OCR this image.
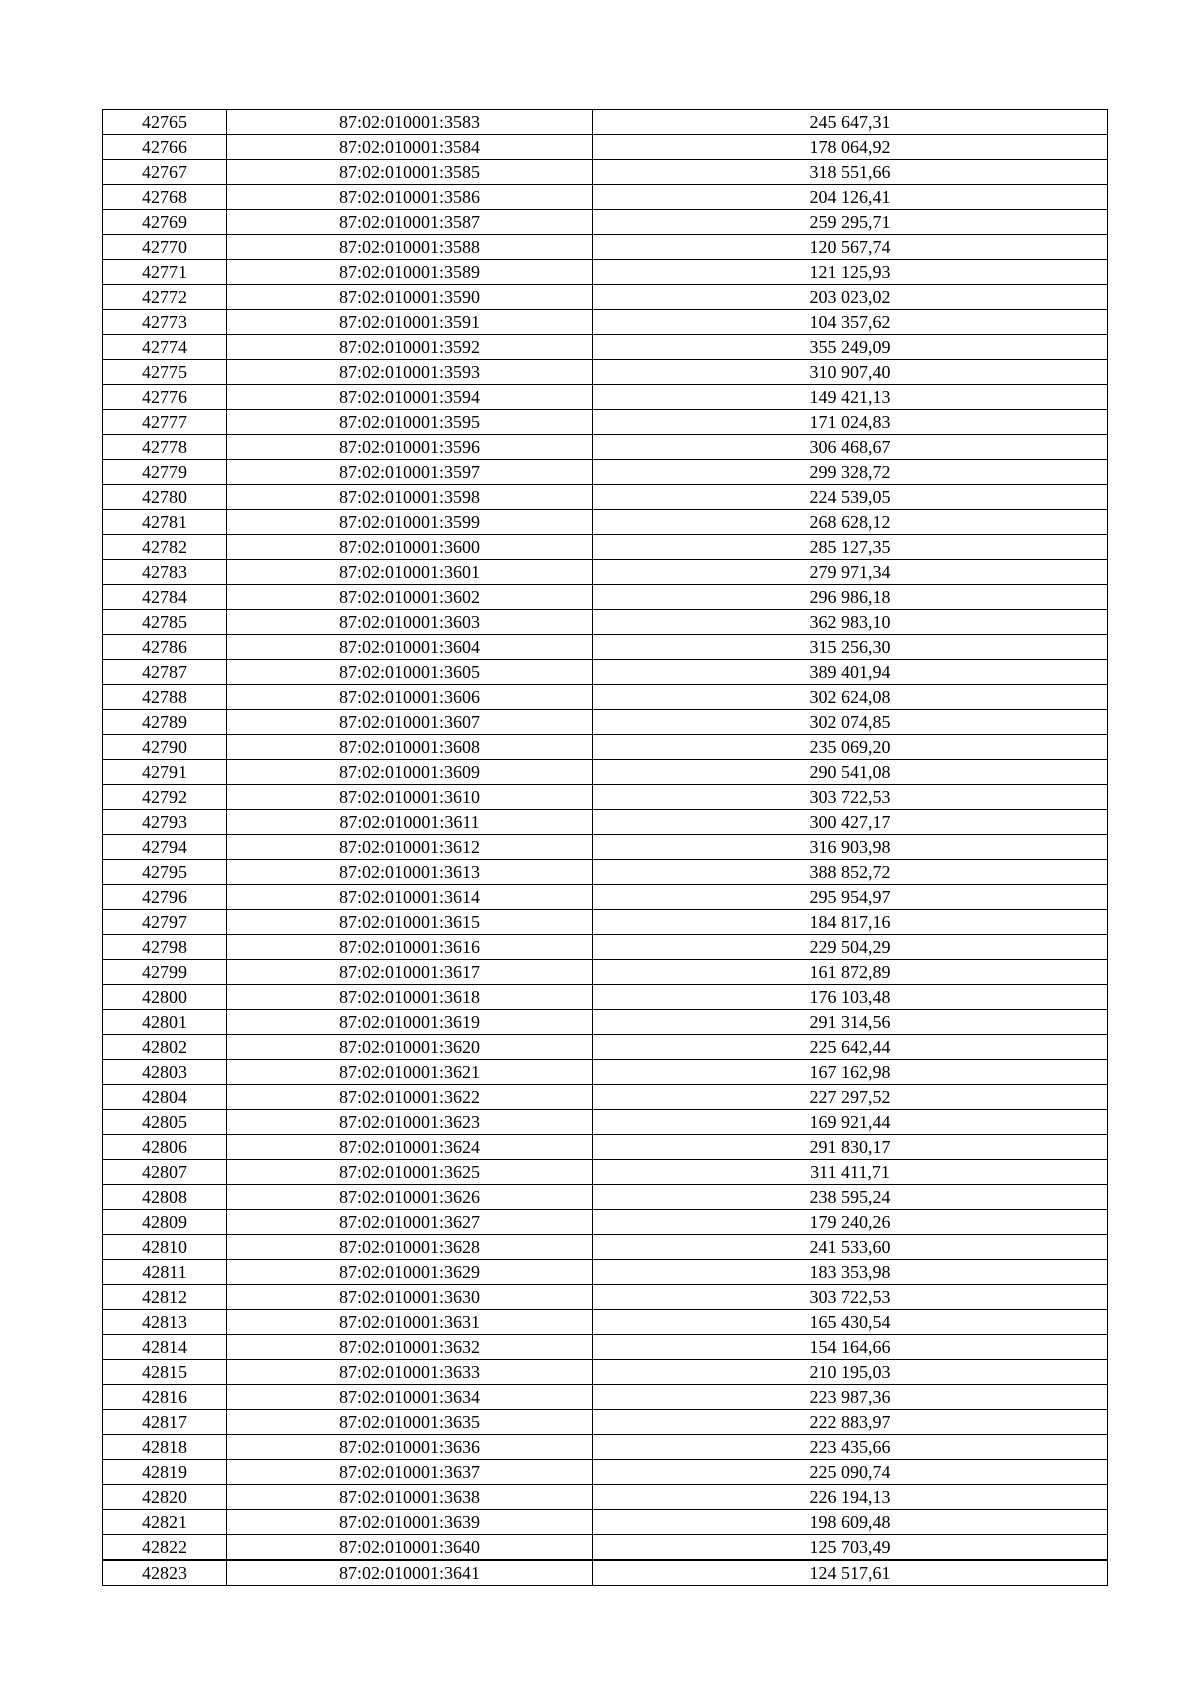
42765	87:02:010001:3583	245 647,31
42766	87:02:010001:3584	178 064,92
42767	87:02:010001:3585	318 551,66
42768	87:02:010001:3586	204 126,41
42769	87:02:010001:3587	259 295,71
42770	87:02:010001:3588	120 567,74
42771	87:02:010001:3589	121 125,93
42772	87:02:010001:3590	203 023,02
42773	87:02:010001:3591	104 357,62
42774	87:02:010001:3592	355 249,09
42775	87:02:010001:3593	310 907,40
42776	87:02:010001:3594	149 421,13
42777	87:02:010001:3595	171 024,83
42778	87:02:010001:3596	306 468,67
42779	87:02:010001:3597	299 328,72
42780	87:02:010001:3598	224 539,05
42781	87:02:010001:3599	268 628,12
42782	87:02:010001:3600	285 127,35
42783	87:02:010001:3601	279 971,34
42784	87:02:010001:3602	296 986,18
42785	87:02:010001:3603	362 983,10
42786	87:02:010001:3604	315 256,30
42787	87:02:010001:3605	389 401,94
42788	87:02:010001:3606	302 624,08
42789	87:02:010001:3607	302 074,85
42790	87:02:010001:3608	235 069,20
42791	87:02:010001:3609	290 541,08
42792	87:02:010001:3610	303 722,53
42793	87:02:010001:3611	300 427,17
42794	87:02:010001:3612	316 903,98
42795	87:02:010001:3613	388 852,72
42796	87:02:010001:3614	295 954,97
42797	87:02:010001:3615	184 817,16
42798	87:02:010001:3616	229 504,29
42799	87:02:010001:3617	161 872,89
42800	87:02:010001:3618	176 103,48
42801	87:02:010001:3619	291 314,56
42802	87:02:010001:3620	225 642,44
42803	87:02:010001:3621	167 162,98
42804	87:02:010001:3622	227 297,52
42805	87:02:010001:3623	169 921,44
42806	87:02:010001:3624	291 830,17
42807	87:02:010001:3625	311 411,71
42808	87:02:010001:3626	238 595,24
42809	87:02:010001:3627	179 240,26
42810	87:02:010001:3628	241 533,60
42811	87:02:010001:3629	183 353,98
42812	87:02:010001:3630	303 722,53
42813	87:02:010001:3631	165 430,54
42814	87:02:010001:3632	154 164,66
42815	87:02:010001:3633	210 195,03
42816	87:02:010001:3634	223 987,36
42817	87:02:010001:3635	222 883,97
42818	87:02:010001:3636	223 435,66
42819	87:02:010001:3637	225 090,74
42820	87:02:010001:3638	226 194,13
42821	87:02:010001:3639	198 609,48
42822	87:02:010001:3640	125 703,49
42823	87:02:010001:3641	124 517,61
